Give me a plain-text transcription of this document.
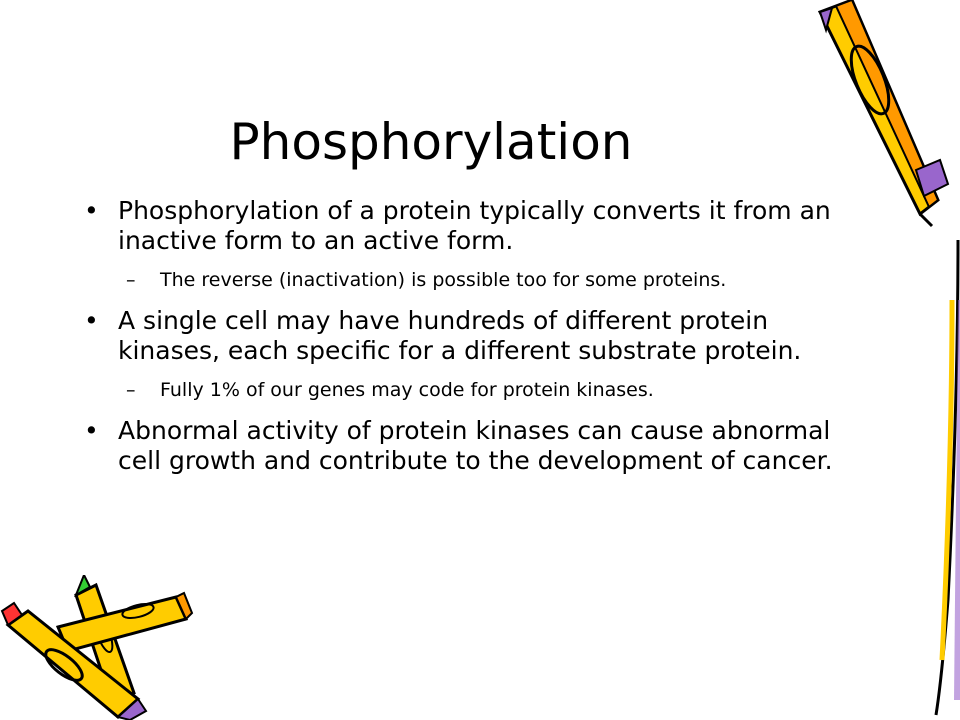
Phosphorylation
• Phosphorylation of a protein typically converts it from an inactive form to an active form.
– The reverse (inactivation) is possible too for some proteins.
• A single cell may have hundreds of different protein kinases, each specific for a different substrate protein.
– Fully 1% of our genes may code for protein kinases.
• Abnormal activity of protein kinases can cause abnormal cell growth and contribute to the development of cancer.
